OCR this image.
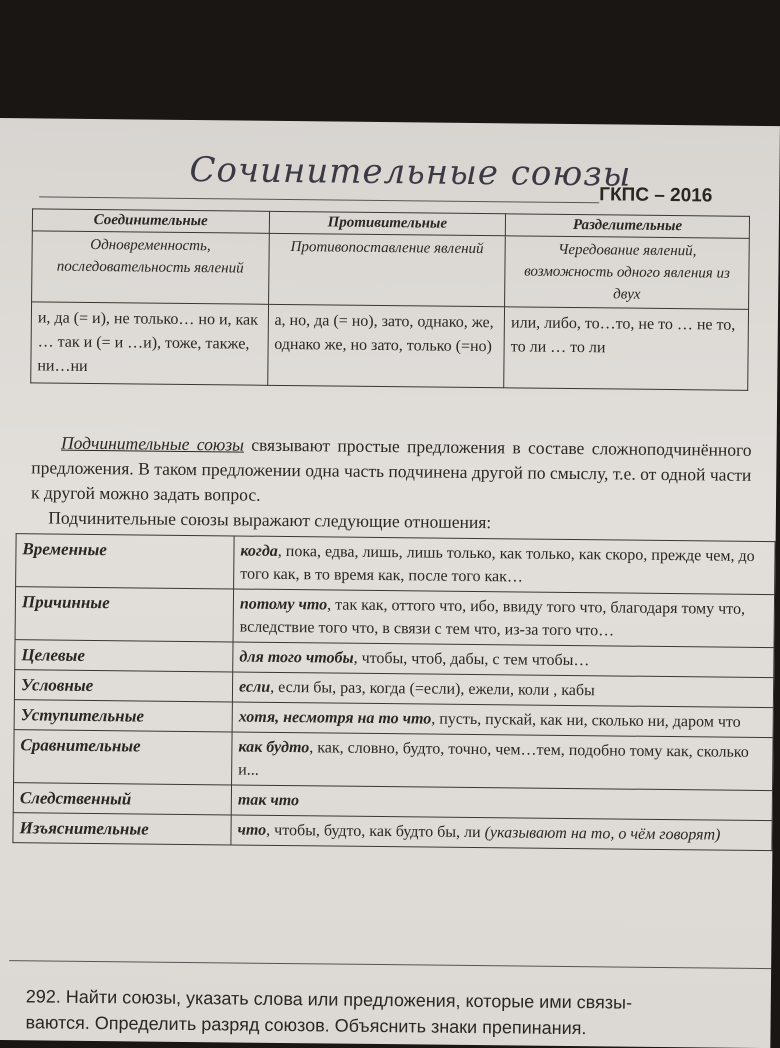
Сочинительные союзы
ГКПС – 2016
Соединительные	Противительные	Разделительные
Одновременность, последовательность явлений	Противопоставление явлений	Чередование явлений, возможность одного явления из двух
и, да (= и), не только… но и, как … так и (= и …и), тоже, также, ни…ни	а, но, да (= но), зато, однако, же, однако же, но зато, только (=но)	или, либо, то…то, не то … не то, то ли … то ли
Подчинительные союзы связывают простые предложения в составе сложноподчинённого предложения. В таком предложении одна часть подчинена другой по смыслу, т.е. от одной части к другой можно задать вопрос.
Подчинительные союзы выражают следующие отношения:
Временные	когда, пока, едва, лишь, лишь только, как только, как скоро, прежде чем, до того как, в то время как, после того как…
Причинные	потому что, так как, оттого что, ибо, ввиду того что, благодаря тому что, вследствие того что, в связи с тем что, из-за того что…
Целевые	для того чтобы, чтобы, чтоб, дабы, с тем чтобы…
Условные	если, если бы, раз, когда (=если), ежели, коли , кабы
Уступительные	хотя, несмотря на то что, пусть, пускай, как ни, сколько ни, даром что
Сравнительные	как будто, как, словно, будто, точно, чем…тем, подобно тому как, сколько и...
Следственный	так что
Изъяснительные	что, чтобы, будто, как будто бы, ли (указывают на то, о чём говорят)
292. Найти союзы, указать слова или предложения, которые ими связы-
ваются. Определить разряд союзов. Объяснить знаки препинания.
